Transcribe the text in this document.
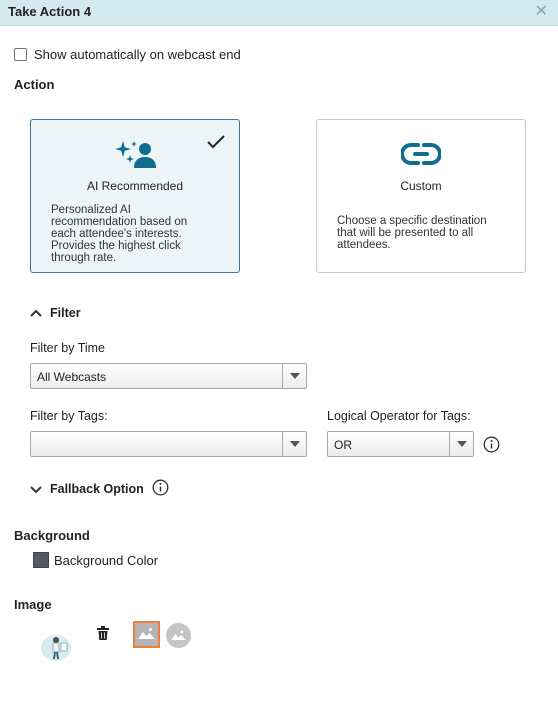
Take Action 4	✕
Show automatically on webcast end
Action
AI Recommended
Personalized AI
recommendation based on
each attendee's interests.
Provides the highest click
through rate.
Custom
Choose a specific destination
that will be presented to all
attendees.
Filter
Filter by Time
All Webcasts
Filter by Tags:	Logical Operator for Tags:
OR
Fallback Option
Background
Background Color
Image
